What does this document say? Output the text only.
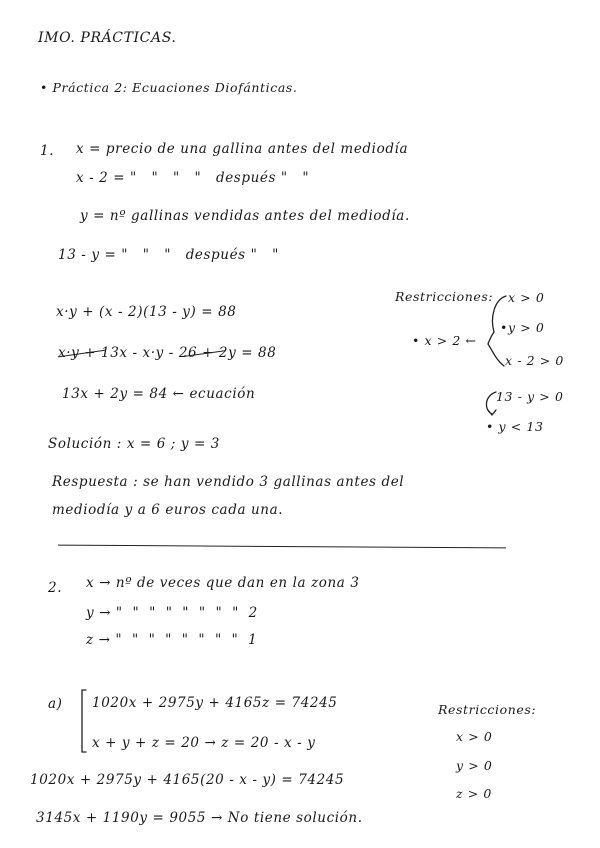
IMO. PRÁCTICAS.
• Práctica 2: Ecuaciones Diofánticas.
1. x = precio de una gallina antes del mediodía
x - 2 = "   "   "   "   después "   "
y = nº gallinas vendidas antes del mediodía.
13 - y = "   "   "   después "   "
x·y + (x - 2)(13 - y) = 88
x·y + 13x - x·y - 26 + 2y = 88
13x + 2y = 84 ← ecuación
Restricciones: x > 0
• x > 2 ←
•y > 0
x - 2 > 0
13 - y > 0
• y < 13
Solución : x = 6 ; y = 3
Respuesta : se han vendido 3 gallinas antes del
mediodía y a 6 euros cada una.
2. x → nº de veces que dan en la zona 3
y → "  "  "  "  "  "  "  "  2
z → "  "  "  "  "  "  "  "  1
a) 1020x + 2975y + 4165z = 74245
x + y + z = 20 → z = 20 - x - y
Restricciones:
x > 0
y > 0
z > 0
1020x + 2975y + 4165(20 - x - y) = 74245
3145x + 1190y = 9055 → No tiene solución.
